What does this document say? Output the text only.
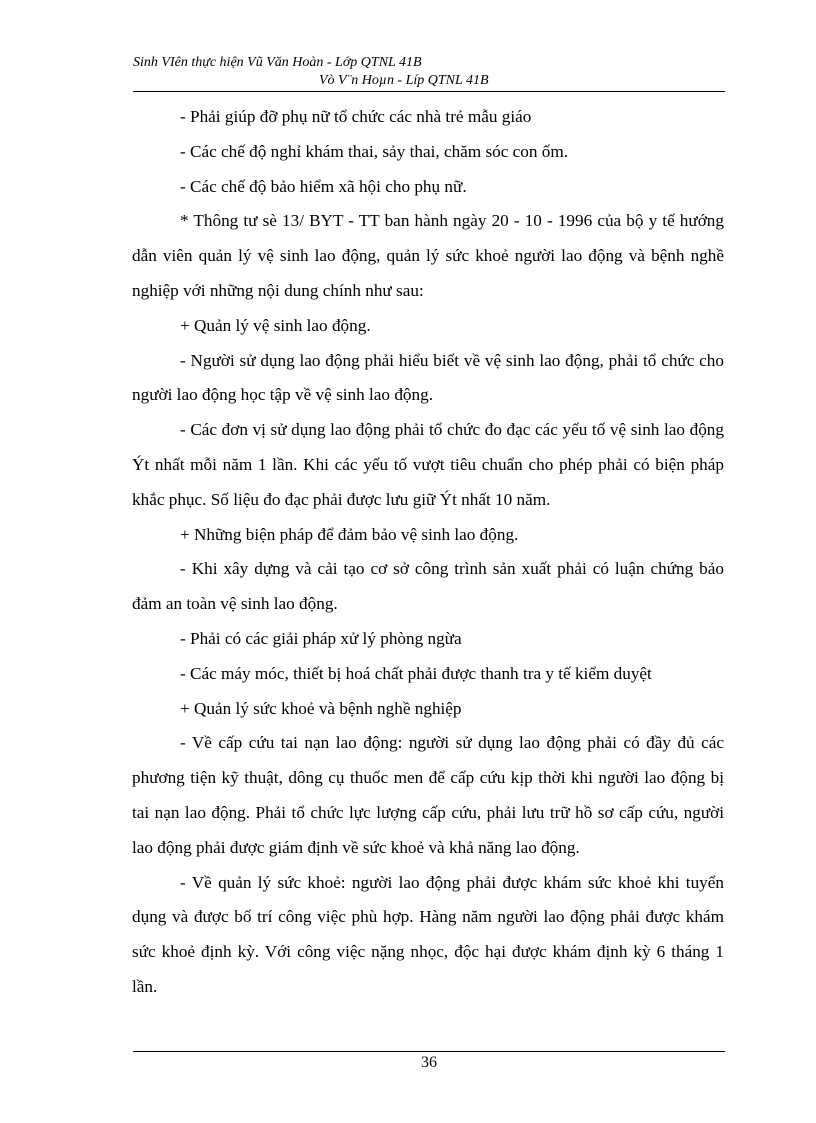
Sinh VIên thực hiện Vũ Văn Hoàn - Lớp QTNL 41B
Vò V¨n Hoµn - Líp QTNL 41B

- Phải giúp đỡ phụ nữ tổ chức các nhà trẻ mẫu giáo

- Các chế độ nghỉ khám thai, sảy thai, chăm sóc con ốm.

- Các chế độ bảo hiểm xã hội cho phụ nữ.

* Thông tư sè 13/ BYT - TT ban hành ngày 20 - 10 - 1996 của bộ y tế hướng dẫn viên quản lý vệ sinh lao động, quản lý sức khoẻ người lao động và bệnh nghề nghiệp với những nội dung chính như sau:

+ Quản lý vệ sinh lao động.

- Người sử dụng lao động phải hiểu biết về vệ sinh lao động, phải tổ chức cho người lao động học tập về vệ sinh lao động.

- Các đơn vị sử dụng lao động phải tổ chức đo đạc các yếu tố vệ sinh lao động Ýt nhất mỗi năm 1 lần. Khi các yếu tố vượt tiêu chuẩn cho phép phải có biện pháp khắc phục. Số liệu đo đạc phải được lưu giữ Ýt nhất 10 năm.

+ Những biện pháp để đảm bảo vệ sinh lao động.

- Khi xây dựng và cải tạo cơ sở công trình sản xuất phải có luận chứng bảo đảm an toàn vệ sinh lao động.

- Phải có các giải pháp xử lý phòng ngừa

- Các máy móc, thiết bị hoá chất phải được thanh tra y tế kiểm duyệt

+ Quản lý sức khoẻ và bệnh nghề nghiệp

- Về cấp cứu tai nạn lao động: người sử dụng lao động phải có đầy đủ các phương tiện kỹ thuật, dông cụ thuốc men để cấp cứu kịp thời khi người lao động bị tai nạn lao động. Phải tổ chức lực lượng cấp cứu, phải lưu trữ hồ sơ cấp cứu, người lao động phải được giám định về sức khoẻ và khả năng lao động.

- Về quản lý sức khoẻ: người lao động phải được khám sức khoẻ khi tuyển dụng và được bố trí công việc phù hợp. Hàng năm người lao động phải được khám sức khoẻ định kỳ. Với công việc nặng nhọc, độc hại được khám định kỳ 6 tháng 1 lần.

36
